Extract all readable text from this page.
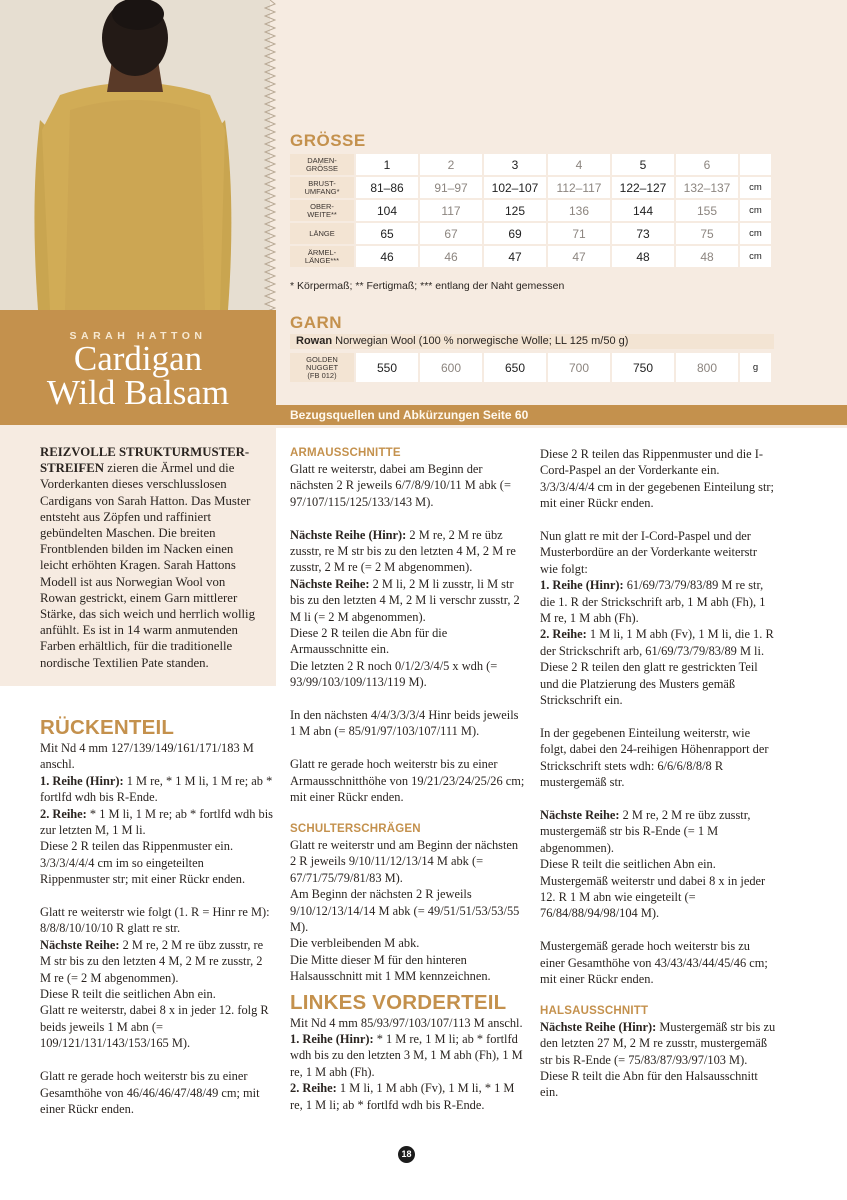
SARAH HATTON
Cardigan
Wild Balsam
GRÖSSE
DAMEN-
GRÖSSE	1	2	3	4	5	6	
BRUST-
UMFANG*	81–86	91–97	102–107	112–117	122–127	132–137	cm
OBER-
WEITE**	104	117	125	136	144	155	cm
LÄNGE	65	67	69	71	73	75	cm
ÄRMEL-
LÄNGE***	46	46	47	47	48	48	cm
* Körpermaß; ** Fertigmaß; *** entlang der Naht gemessen
GARN
Rowan Norwegian Wool (100 % norwegische Wolle; LL 125 m/50 g)
GOLDEN
NUGGET
(FB 012)	550	600	650	700	750	800	g
Bezugsquellen und Abkürzungen Seite 60
REIZVOLLE STRUKTURMUSTER-STREIFEN zieren die Ärmel und die Vorderkanten dieses verschlusslosen Cardigans von Sarah Hatton. Das Muster entsteht aus Zöpfen und raffiniert gebündelten Maschen. Die breiten Frontblenden bilden im Nacken einen leicht erhöhten Kragen. Sarah Hattons Modell ist aus Norwegian Wool von Rowan gestrickt, einem Garn mittlerer Stärke, das sich weich und herrlich wollig anfühlt. Es ist in 14 warm anmutenden Farben erhältlich, für die traditionelle nordische Textilien Pate standen.
RÜCKENTEIL

Mit Nd 4 mm 127/139/149/161/171/183 M anschl.

1. Reihe (Hinr): 1 M re, * 1 M li, 1 M re; ab * fortlfd wdh bis R-Ende.

2. Reihe: * 1 M li, 1 M re; ab * fortlfd wdh bis zur letzten M, 1 M li.

Diese 2 R teilen das Rippenmuster ein.

3/3/3/4/4/4 cm im so eingeteilten Rippenmuster str; mit einer Rückr enden.

Glatt re weiterstr wie folgt (1. R = Hinr re M): 8/8/8/10/10/10 R glatt re str.

Nächste Reihe: 2 M re, 2 M re übz zusstr, re M str bis zu den letzten 4 M, 2 M re zusstr, 2 M re (= 2 M abgenommen).

Diese R teilt die seitlichen Abn ein.

Glatt re weiterstr, dabei 8 x in jeder 12. folg R beids jeweils 1 M abn (= 109/121/131/143/153/165 M).

Glatt re gerade hoch weiterstr bis zu einer Gesamthöhe von 46/46/46/47/48/49 cm; mit einer Rückr enden.

ARMAUSSCHNITTE

Glatt re weiterstr, dabei am Beginn der nächsten 2 R jeweils 6/7/8/9/10/11 M abk (= 97/107/115/125/133/143 M).

Nächste Reihe (Hinr): 2 M re, 2 M re übz zusstr, re M str bis zu den letzten 4 M, 2 M re zusstr, 2 M re (= 2 M abgenommen).

Nächste Reihe: 2 M li, 2 M li zusstr, li M str bis zu den letzten 4 M, 2 M li verschr zusstr, 2 M li (= 2 M abgenommen).

Diese 2 R teilen die Abn für die Armausschnitte ein.

Die letzten 2 R noch 0/1/2/3/4/5 x wdh (= 93/99/103/109/113/119 M).

In den nächsten 4/4/3/3/3/4 Hinr beids jeweils 1 M abn (= 85/91/97/103/107/111 M).

Glatt re gerade hoch weiterstr bis zu einer Armausschnitthöhe von 19/21/23/24/25/26 cm; mit einer Rückr enden.

SCHULTERSCHRÄGEN

Glatt re weiterstr und am Beginn der nächsten 2 R jeweils 9/10/11/12/13/14 M abk (= 67/71/75/79/81/83 M).

Am Beginn der nächsten 2 R jeweils 9/10/12/13/14/14 M abk (= 49/51/51/53/53/55 M).

Die verbleibenden M abk.

Die Mitte dieser M für den hinteren Halsausschnitt mit 1 MM kennzeichnen.

LINKES VORDERTEIL

Mit Nd 4 mm 85/93/97/103/107/113 M anschl.

1. Reihe (Hinr): * 1 M re, 1 M li; ab * fortlfd wdh bis zu den letzten 3 M, 1 M abh (Fh), 1 M re, 1 M abh (Fh).

2. Reihe: 1 M li, 1 M abh (Fv), 1 M li, * 1 M re, 1 M li; ab * fortlfd wdh bis R-Ende.

Diese 2 R teilen das Rippenmuster und die I-Cord-Paspel an der Vorderkante ein.

3/3/3/4/4/4 cm in der gegebenen Einteilung str; mit einer Rückr enden.

Nun glatt re mit der I-Cord-Paspel und der Musterbordüre an der Vorderkante weiterstr wie folgt:

1. Reihe (Hinr): 61/69/73/79/83/89 M re str, die 1. R der Strickschrift arb, 1 M abh (Fh), 1 M re, 1 M abh (Fh).

2. Reihe: 1 M li, 1 M abh (Fv), 1 M li, die 1. R der Strickschrift arb, 61/69/73/79/83/89 M li.

Diese 2 R teilen den glatt re gestrickten Teil und die Platzierung des Musters gemäß Strickschrift ein.

In der gegebenen Einteilung weiterstr, wie folgt, dabei den 24-reihigen Höhenrapport der Strickschrift stets wdh: 6/6/6/8/8/8 R mustergemäß str.

Nächste Reihe: 2 M re, 2 M re übz zusstr, mustergemäß str bis R-Ende (= 1 M abgenommen).

Diese R teilt die seitlichen Abn ein.

Mustergemäß weiterstr und dabei 8 x in jeder 12. R 1 M abn wie eingeteilt (= 76/84/88/94/98/104 M).

Mustergemäß gerade hoch weiterstr bis zu einer Gesamthöhe von 43/43/43/44/45/46 cm; mit einer Rückr enden.

HALSAUSSCHNITT

Nächste Reihe (Hinr): Mustergemäß str bis zu den letzten 27 M, 2 M re zusstr, mustergemäß str bis R-Ende (= 75/83/87/93/97/103 M).

Diese R teilt die Abn für den Halsausschnitt ein.

18
